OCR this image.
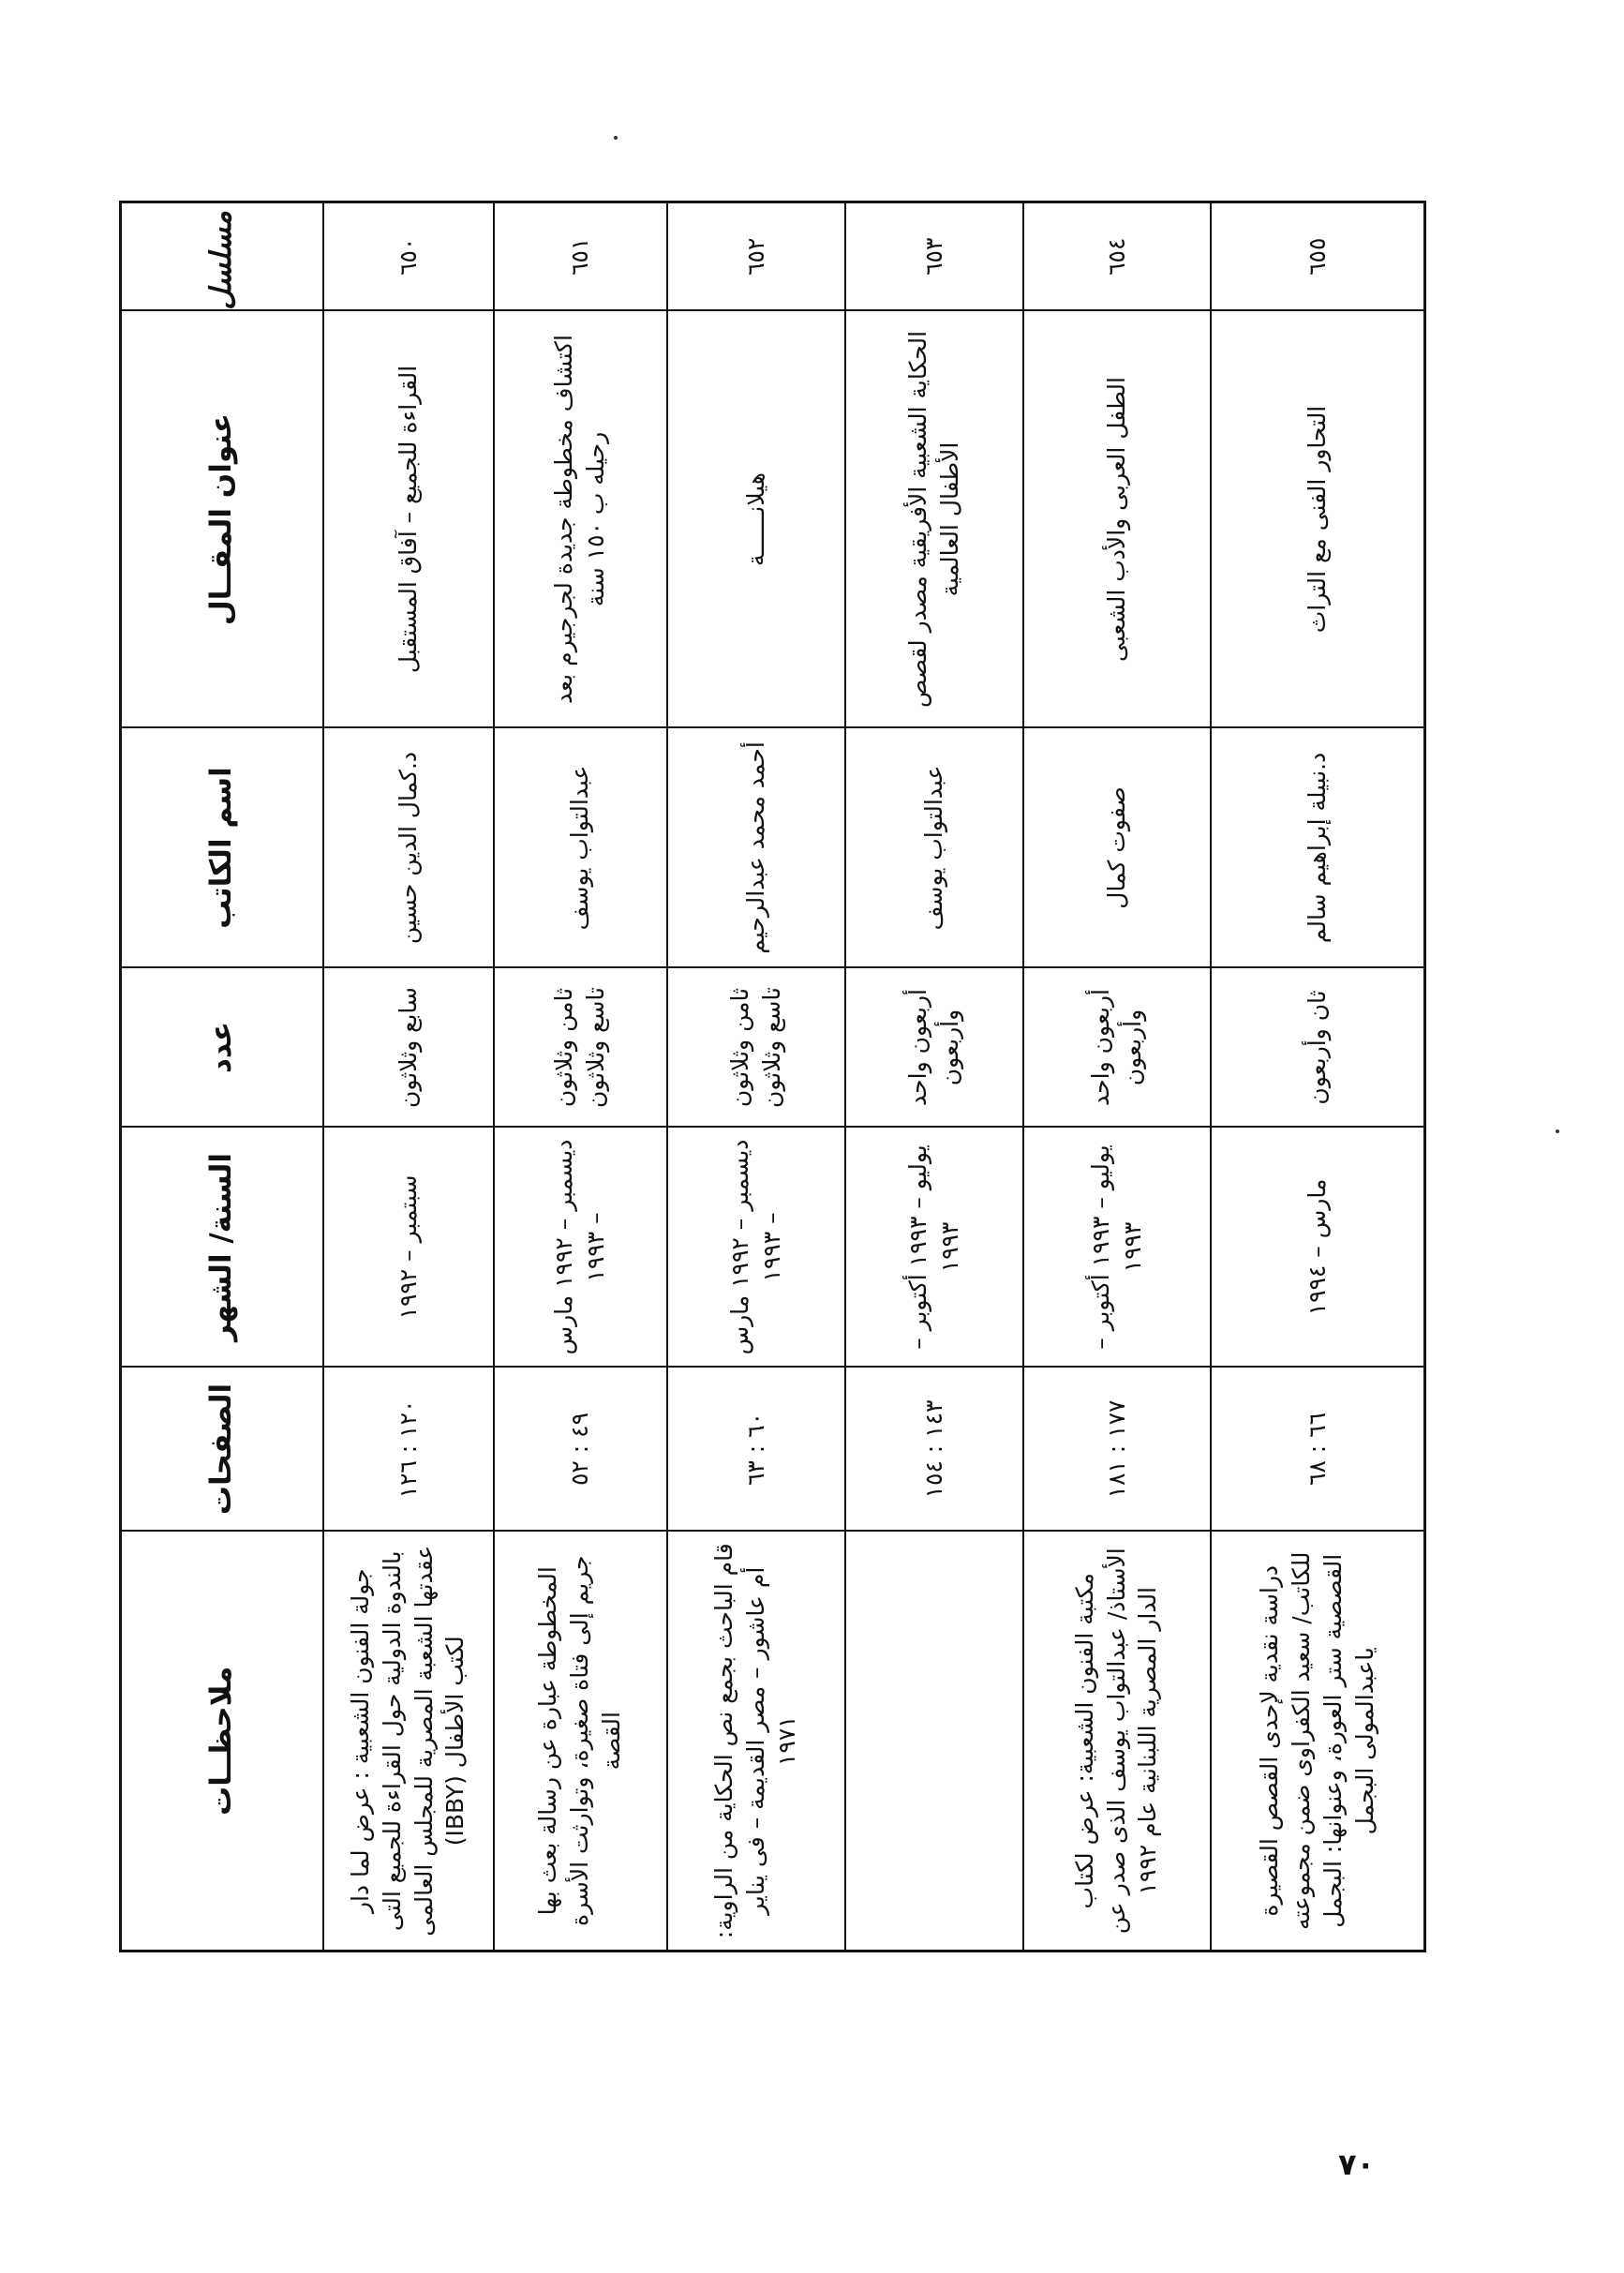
مسلسل	عنوان المقــال	اسم الكاتب	عدد	السنة/ الشهر	الصفحات	ملاحظــات
٦٥٠	القراءة للجميع – آفاق المستقبل	د.كمال الدين حسين	سابع وثلاثون	سبتمبر – ١٩٩٢	١٢٠ : ١٢٦	جولة الفنون الشعبية : عرض لما دار بالندوة الدولية حول القراءة للجميع التى عقدتها الشعبة المصرية للمجلس العالمى لكتب الأطفال (IBBY)
٦٥١	اكتشاف مخطوطة جديدة لجرجيرم بعد رحيله ب ١٥٠ سنة	عبدالتواب يوسف	ثامن وثلاثون تاسع وثلاثون	ديسمبر – ١٩٩٢ مارس – ١٩٩٣	٤٩ : ٥٢	المخطوطة عبارة عن رسالة بعث بها جريم إلى فتاة صغيرة، وتوارثت الأسرة القصة
٦٥٢	هيلانــــــة	أحمد محمد عبدالرحيم	ثامن وثلاثون تاسع وثلاثون	ديسمبر – ١٩٩٢ مارس – ١٩٩٣	٦٠ : ٦٣	قام الباحث بجمع نص الحكاية من الراوية: أم عاشور – مصر القديمة – فى يناير ١٩٧١
٦٥٣	الحكاية الشعبية الأفريقية مصدر لقصص الأطفال العالمية	عبدالتواب يوسف	أربعون واحد وأربعون	يوليو – ١٩٩٣ أكتوبر – ١٩٩٣	١٤٣ : ١٥٤	
٦٥٤	الطفل العربى والأدب الشعبى	صفوت كمال	أربعون واحد وأربعون	يوليو – ١٩٩٣ أكتوبر – ١٩٩٣	١٧٧ : ١٨١	مكتبة الفنون الشعبية: عرض لكتاب الأستاذ/ عبدالتواب يوسف الذى صدر عن الدار المصرية اللبنانية عام ١٩٩٢
٦٥٥	التحاور الفنى مع التراث	د.نبيلة إبراهيم سالم	ثان وأربعون	مارس – ١٩٩٤	٦٦ : ٦٨	دراسة نقدية لإحدى القصص القصيرة للكاتب/ سعيد الكفراوى ضمن مجموعته القصصية ستر العورة، وعنوانها: البجمل ياعبدالمولى البجمل
٧٠
